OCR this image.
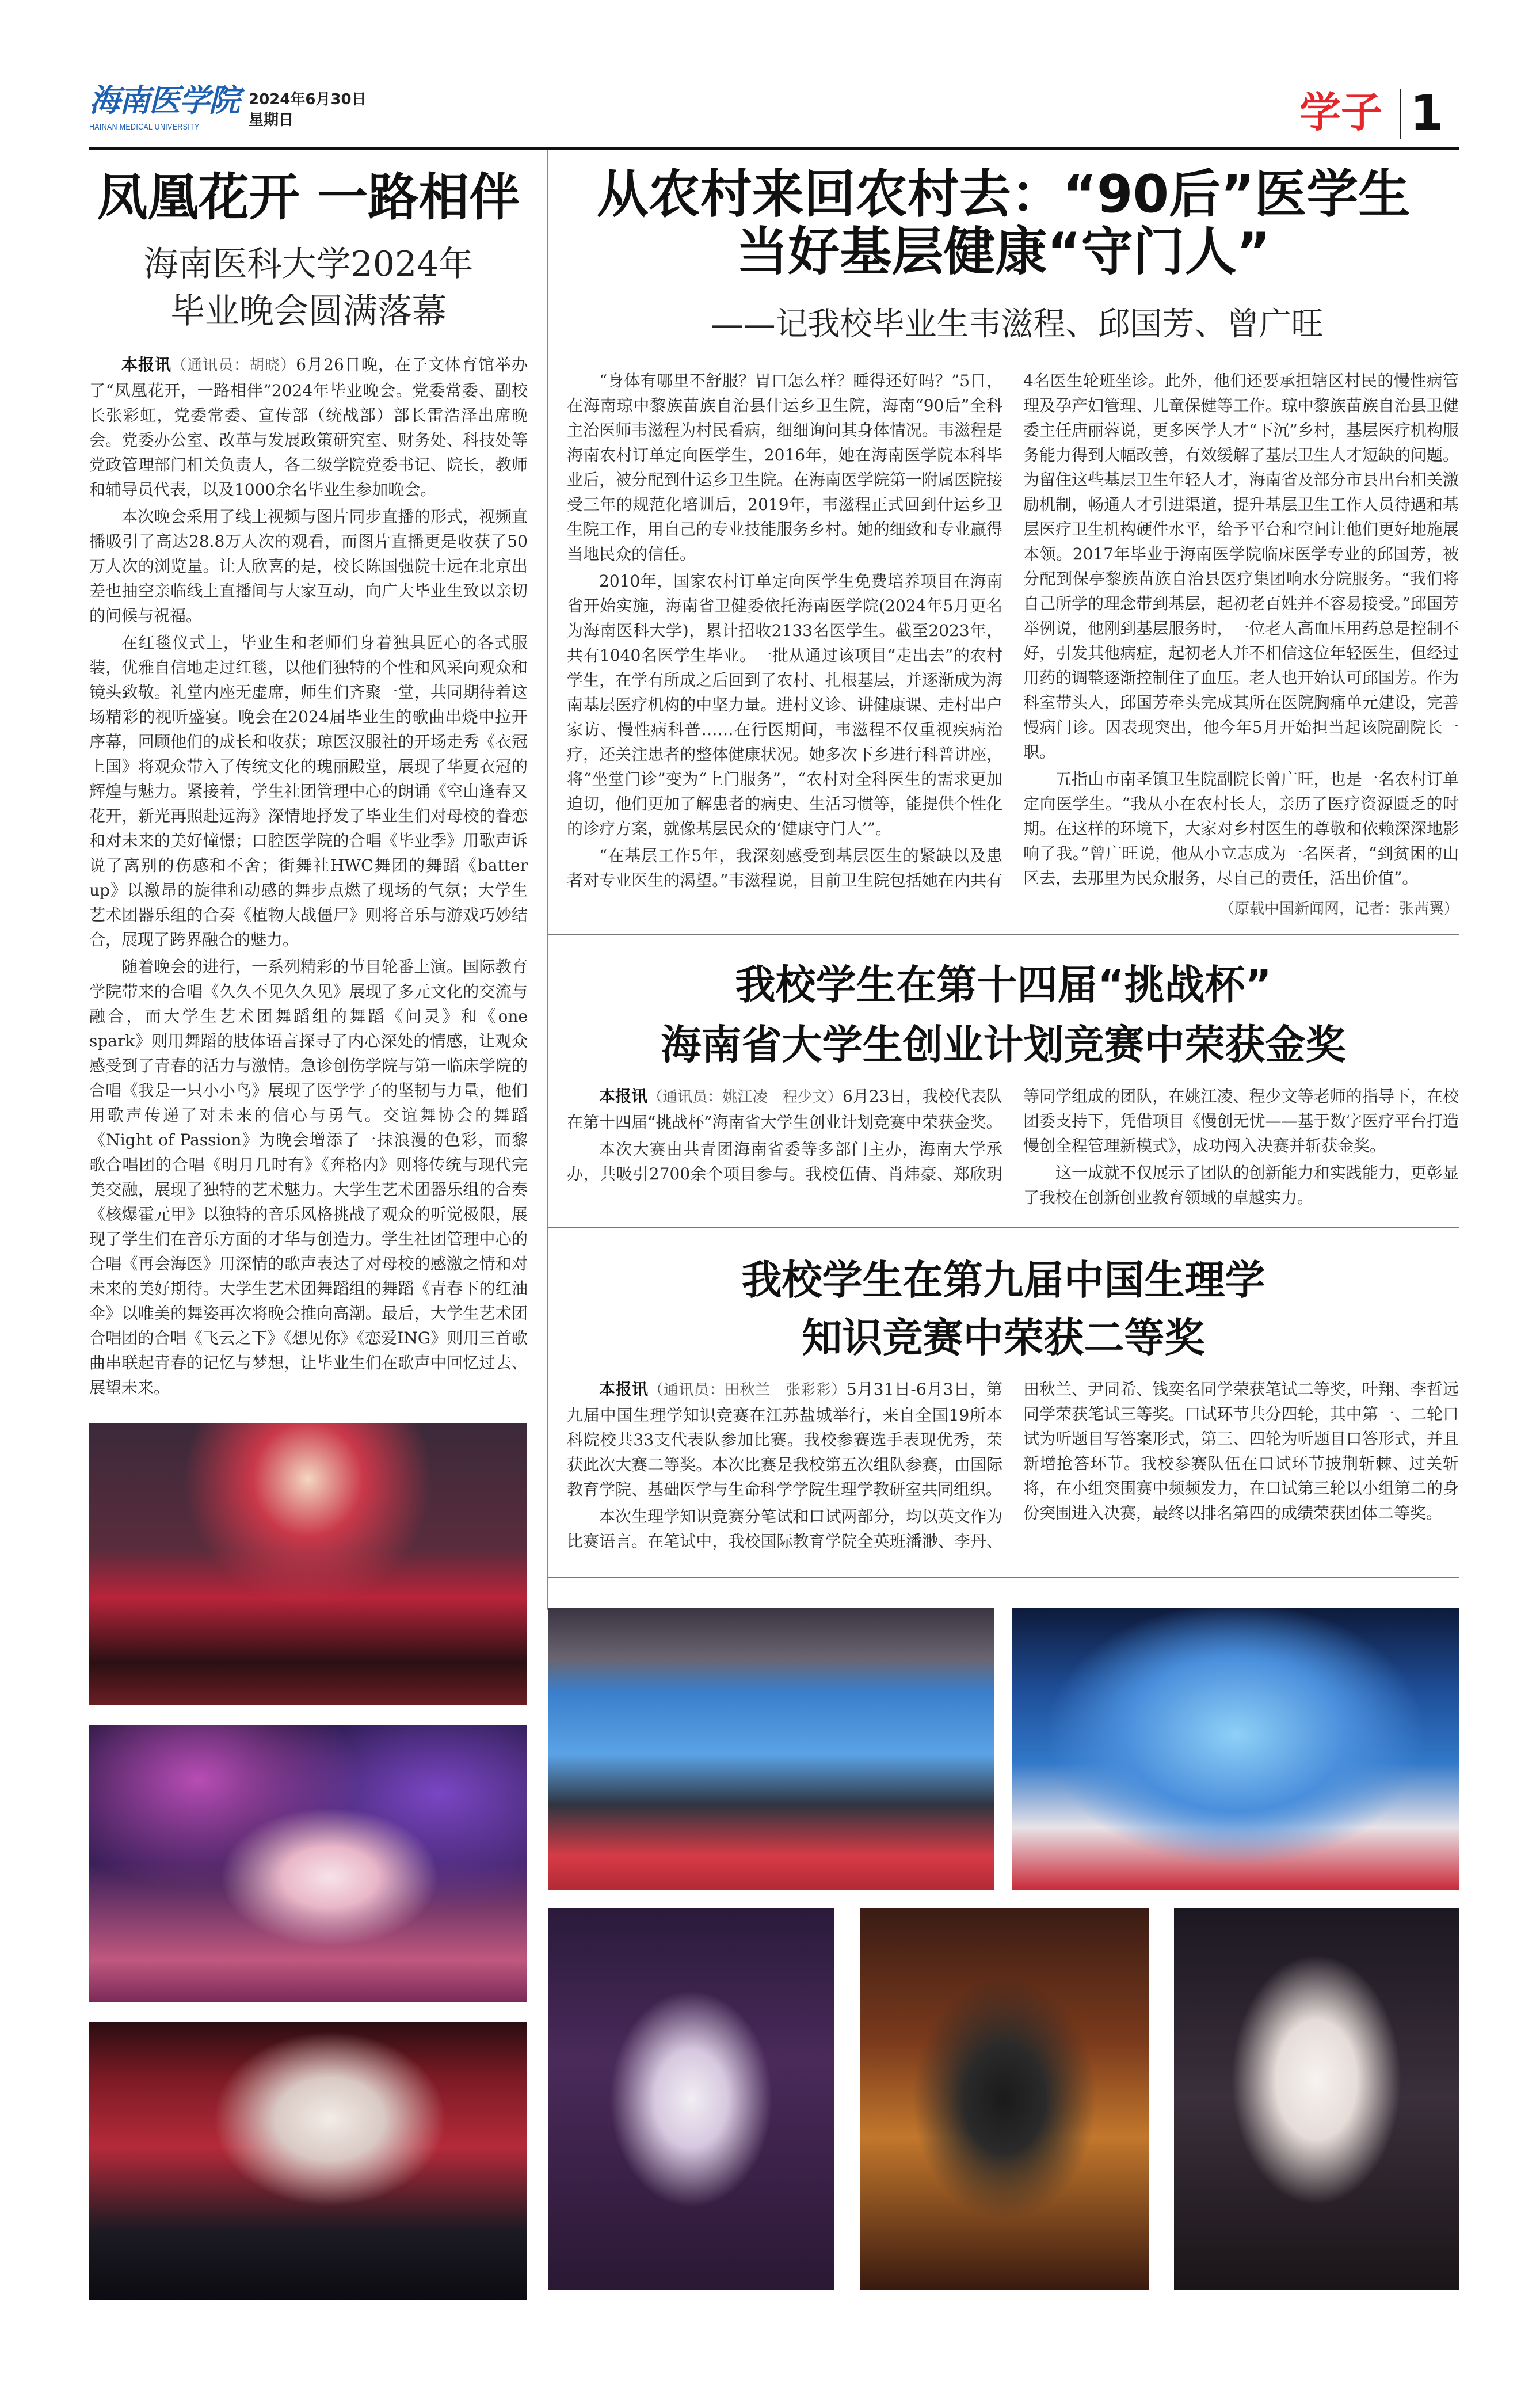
海南医学院
HAINAN MEDICAL UNIVERSITY
2024年6月30日
星期日	学子 1
凤凰花开 一路相伴
海南医科大学2024年
毕业晚会圆满落幕

本报讯（通讯员：胡晓）6月26日晚，在子文体育馆举办了“凤凰花开，一路相伴”2024年毕业晚会。党委常委、副校长张彩虹，党委常委、宣传部（统战部）部长雷浩泽出席晚会。党委办公室、改革与发展政策研究室、财务处、科技处等党政管理部门相关负责人，各二级学院党委书记、院长，教师和辅导员代表，以及1000余名毕业生参加晚会。

本次晚会采用了线上视频与图片同步直播的形式，视频直播吸引了高达28.8万人次的观看，而图片直播更是收获了50万人次的浏览量。让人欣喜的是，校长陈国强院士远在北京出差也抽空亲临线上直播间与大家互动，向广大毕业生致以亲切的问候与祝福。

在红毯仪式上，毕业生和老师们身着独具匠心的各式服装，优雅自信地走过红毯，以他们独特的个性和风采向观众和镜头致敬。礼堂内座无虚席，师生们齐聚一堂，共同期待着这场精彩的视听盛宴。晚会在2024届毕业生的歌曲串烧中拉开序幕，回顾他们的成长和收获；琼医汉服社的开场走秀《衣冠上国》将观众带入了传统文化的瑰丽殿堂，展现了华夏衣冠的辉煌与魅力。紧接着，学生社团管理中心的朗诵《空山逢春又花开，新光再照赴远海》深情地抒发了毕业生们对母校的眷恋和对未来的美好憧憬；口腔医学院的合唱《毕业季》用歌声诉说了离别的伤感和不舍；街舞社HWC舞团的舞蹈《batter up》以激昂的旋律和动感的舞步点燃了现场的气氛；大学生艺术团器乐组的合奏《植物大战僵尸》则将音乐与游戏巧妙结合，展现了跨界融合的魅力。

随着晚会的进行，一系列精彩的节目轮番上演。国际教育学院带来的合唱《久久不见久久见》展现了多元文化的交流与融合，而大学生艺术团舞蹈组的舞蹈《问灵》和《one spark》则用舞蹈的肢体语言探寻了内心深处的情感，让观众感受到了青春的活力与激情。急诊创伤学院与第一临床学院的合唱《我是一只小小鸟》展现了医学学子的坚韧与力量，他们用歌声传递了对未来的信心与勇气。交谊舞协会的舞蹈《Night of Passion》为晚会增添了一抹浪漫的色彩，而黎歌合唱团的合唱《明月几时有》《奔格内》则将传统与现代完美交融，展现了独特的艺术魅力。大学生艺术团器乐组的合奏《核爆霍元甲》以独特的音乐风格挑战了观众的听觉极限，展现了学生们在音乐方面的才华与创造力。学生社团管理中心的合唱《再会海医》用深情的歌声表达了对母校的感激之情和对未来的美好期待。大学生艺术团舞蹈组的舞蹈《青春下的红油伞》以唯美的舞姿再次将晚会推向高潮。最后，大学生艺术团合唱团的合唱《飞云之下》《想见你》《恋爱ING》则用三首歌曲串联起青春的记忆与梦想，让毕业生们在歌声中回忆过去、展望未来。

从农村来回农村去：“90后”医学生
当好基层健康“守门人”
——记我校毕业生韦滋程、邱国芳、曾广旺

“身体有哪里不舒服？胃口怎么样？睡得还好吗？”5日，在海南琼中黎族苗族自治县什运乡卫生院，海南“90后”全科主治医师韦滋程为村民看病，细细询问其身体情况。韦滋程是海南农村订单定向医学生，2016年，她在海南医学院本科毕业后，被分配到什运乡卫生院。在海南医学院第一附属医院接受三年的规范化培训后，2019年，韦滋程正式回到什运乡卫生院工作，用自己的专业技能服务乡村。她的细致和专业赢得当地民众的信任。

2010年，国家农村订单定向医学生免费培养项目在海南省开始实施，海南省卫健委依托海南医学院(2024年5月更名为海南医科大学)，累计招收2133名医学生。截至2023年，共有1040名医学生毕业。一批从通过该项目“走出去”的农村学生，在学有所成之后回到了农村、扎根基层，并逐渐成为海南基层医疗机构的中坚力量。进村义诊、讲健康课、走村串户家访、慢性病科普……在行医期间，韦滋程不仅重视疾病治疗，还关注患者的整体健康状况。她多次下乡进行科普讲座，将“坐堂门诊”变为“上门服务”，“农村对全科医生的需求更加迫切，他们更加了解患者的病史、生活习惯等，能提供个性化的诊疗方案，就像基层民众的‘健康守门人’”。

“在基层工作5年，我深刻感受到基层医生的紧缺以及患者对专业医生的渴望。”韦滋程说，目前卫生院包括她在内共有4名医生轮班坐诊。此外，他们还要承担辖区村民的慢性病管理及孕产妇管理、儿童保健等工作。琼中黎族苗族自治县卫健委主任唐丽蓉说，更多医学人才“下沉”乡村，基层医疗机构服务能力得到大幅改善，有效缓解了基层卫生人才短缺的问题。为留住这些基层卫生年轻人才，海南省及部分市县出台相关激励机制，畅通人才引进渠道，提升基层卫生工作人员待遇和基层医疗卫生机构硬件水平，给予平台和空间让他们更好地施展本领。2017年毕业于海南医学院临床医学专业的邱国芳，被分配到保亭黎族苗族自治县医疗集团响水分院服务。“我们将自己所学的理念带到基层，起初老百姓并不容易接受。”邱国芳举例说，他刚到基层服务时，一位老人高血压用药总是控制不好，引发其他病症，起初老人并不相信这位年轻医生，但经过用药的调整逐渐控制住了血压。老人也开始认可邱国芳。作为科室带头人，邱国芳牵头完成其所在医院胸痛单元建设，完善慢病门诊。因表现突出，他今年5月开始担当起该院副院长一职。

五指山市南圣镇卫生院副院长曾广旺，也是一名农村订单定向医学生。“我从小在农村长大，亲历了医疗资源匮乏的时期。在这样的环境下，大家对乡村医生的尊敬和依赖深深地影响了我。”曾广旺说，他从小立志成为一名医者，“到贫困的山区去，去那里为民众服务，尽自己的责任，活出价值”。

（原载中国新闻网，记者：张茜翼）
我校学生在第十四届“挑战杯”
海南省大学生创业计划竞赛中荣获金奖

本报讯（通讯员：姚江凌　程少文）6月23日，我校代表队在第十四届“挑战杯”海南省大学生创业计划竞赛中荣获金奖。

本次大赛由共青团海南省委等多部门主办，海南大学承办，共吸引2700余个项目参与。我校伍倩、肖炜豪、郑欣玥等同学组成的团队，在姚江凌、程少文等老师的指导下，在校团委支持下，凭借项目《慢创无忧——基于数字医疗平台打造慢创全程管理新模式》，成功闯入决赛并斩获金奖。

这一成就不仅展示了团队的创新能力和实践能力，更彰显了我校在创新创业教育领域的卓越实力。

我校学生在第九届中国生理学
知识竞赛中荣获二等奖

本报讯（通讯员：田秋兰　张彩彩）5月31日-6月3日，第九届中国生理学知识竞赛在江苏盐城举行，来自全国19所本科院校共33支代表队参加比赛。我校参赛选手表现优秀，荣获此次大赛二等奖。本次比赛是我校第五次组队参赛，由国际教育学院、基础医学与生命科学学院生理学教研室共同组织。

本次生理学知识竞赛分笔试和口试两部分，均以英文作为比赛语言。在笔试中，我校国际教育学院全英班潘渺、李丹、田秋兰、尹同希、钱奕名同学荣获笔试二等奖，叶翔、李哲远同学荣获笔试三等奖。口试环节共分四轮，其中第一、二轮口试为听题目写答案形式，第三、四轮为听题目口答形式，并且新增抢答环节。我校参赛队伍在口试环节披荆斩棘、过关斩将，在小组突围赛中频频发力，在口试第三轮以小组第二的身份突围进入决赛，最终以排名第四的成绩荣获团体二等奖。
